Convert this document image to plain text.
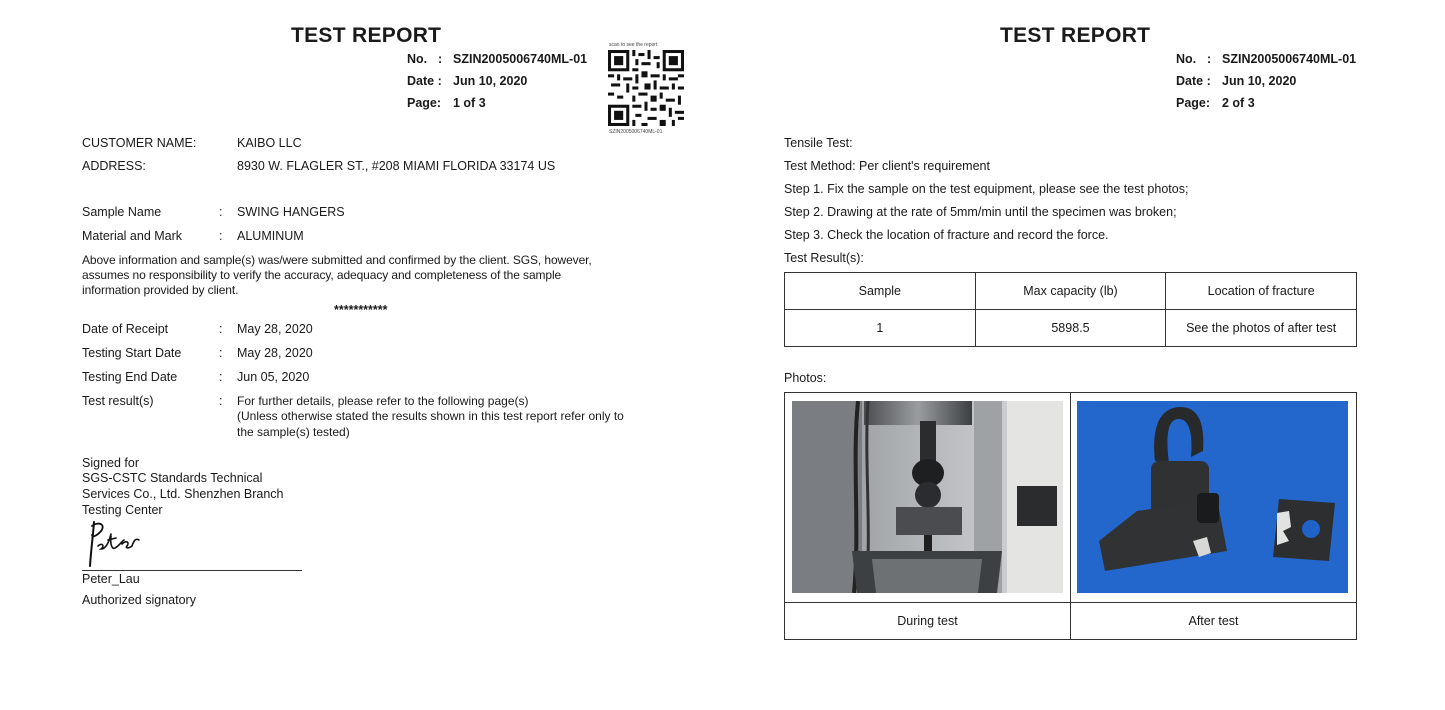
TEST REPORT
No. : SZIN2005006740ML-01
Date : Jun 10, 2020
Page: 1 of 3
scan to see the report
SZIN2005006740ML-01
CUSTOMER NAME:	KAIBO LLC
ADDRESS:	8930 W. FLAGLER ST., #208 MIAMI FLORIDA 33174 US
Sample Name	: SWING HANGERS
Material and Mark	: ALUMINUM
Above information and sample(s) was/were submitted and confirmed by the client. SGS, however,
assumes no responsibility to verify the accuracy, adequacy and completeness of the sample
information provided by client.
***********
Date of Receipt	: May 28, 2020
Testing Start Date	: May 28, 2020
Testing End Date	: Jun 05, 2020
Test result(s)	: For further details, please refer to the following page(s)
(Unless otherwise stated the results shown in this test report refer only to
the sample(s) tested)
Signed for
SGS-CSTC Standards Technical
Services Co., Ltd. Shenzhen Branch
Testing Center
Peter_Lau
Authorized signatory
TEST REPORT
No. : SZIN2005006740ML-01
Date : Jun 10, 2020
Page: 2 of 3
Tensile Test:
Test Method: Per client's requirement
Step 1. Fix the sample on the test equipment, please see the test photos;
Step 2. Drawing at the rate of 5mm/min until the specimen was broken;
Step 3. Check the location of fracture and record the force.
Test Result(s):
Sample	Max capacity (lb)	Location of fracture
1	5898.5	See the photos of after test
Photos:

During test	After test
